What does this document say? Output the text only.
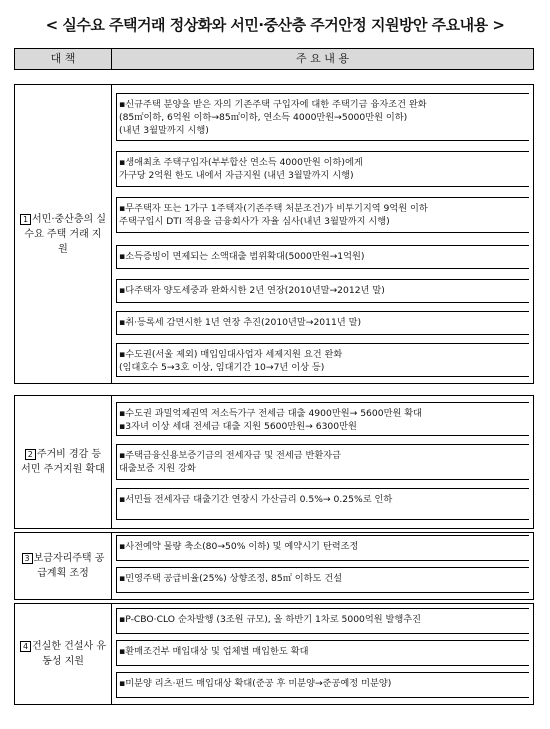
< 실수요 주택거래 정상화와 서민·중산층 주거안정 지원방안 주요내용 >
대 책	주 요 내 용
1 서민·중산층의 실수요 주택 거래 지원
▪신규주택 분양을 받은 자의 기존주택 구입자에 대한 주택기금 융자조건 완화
(85㎡이하, 6억원 이하→85㎡이하, 연소득 4000만원→5000만원 이하)
(내년 3월말까지 시행)
▪생애최초 주택구입자(부부합산 연소득 4000만원 이하)에게
가구당 2억원 한도 내에서 자금지원 (내년 3월말까지 시행)
▪무주택자 또는 1가구 1주택자(기존주택 처분조건)가 비투기지역 9억원 이하
주택구입시 DTI 적용을 금융회사가 자율 심사(내년 3월말까지 시행)
▪소득증빙이 면제되는 소액대출 범위확대(5000만원→1억원)
▪다주택자 양도세중과 완화시한 2년 연장(2010년말→2012년 말)
▪취·등록세 감면시한 1년 연장 추진(2010년말→2011년 말)
▪수도권(서울 제외) 매입임대사업자 세제지원 요건 완화
(임대호수 5→3호 이상, 임대기간 10→7년 이상 등)
2 주거비 경감 등 서민 주거지원 확대
▪수도권 과밀억제권역 저소득가구 전세금 대출 4900만원→ 5600만원 확대
▪3자녀 이상 세대 전세금 대출 지원 5600만원→ 6300만원
▪주택금융신용보증기금의 전세자금 및 전세금 반환자금
대출보증 지원 강화
▪서민들 전세자금 대출기간 연장시 가산금리 0.5%→ 0.25%로 인하
3 보금자리주택 공급계획 조정
▪사전예약 물량 축소(80→50% 이하) 및 예약시기 탄력조정
▪민영주택 공급비율(25%) 상향조정, 85㎡ 이하도 건설
4 건실한 건설사 유동성 지원
▪P-CBO·CLO 순차발행 (3조원 규모), 올 하반기 1차로 5000억원 발행추진
▪환매조건부 매입대상 및 업체별 매입한도 확대
▪미분양 리츠·펀드 매입대상 확대(준공 후 미분양→준공예정 미분양)
